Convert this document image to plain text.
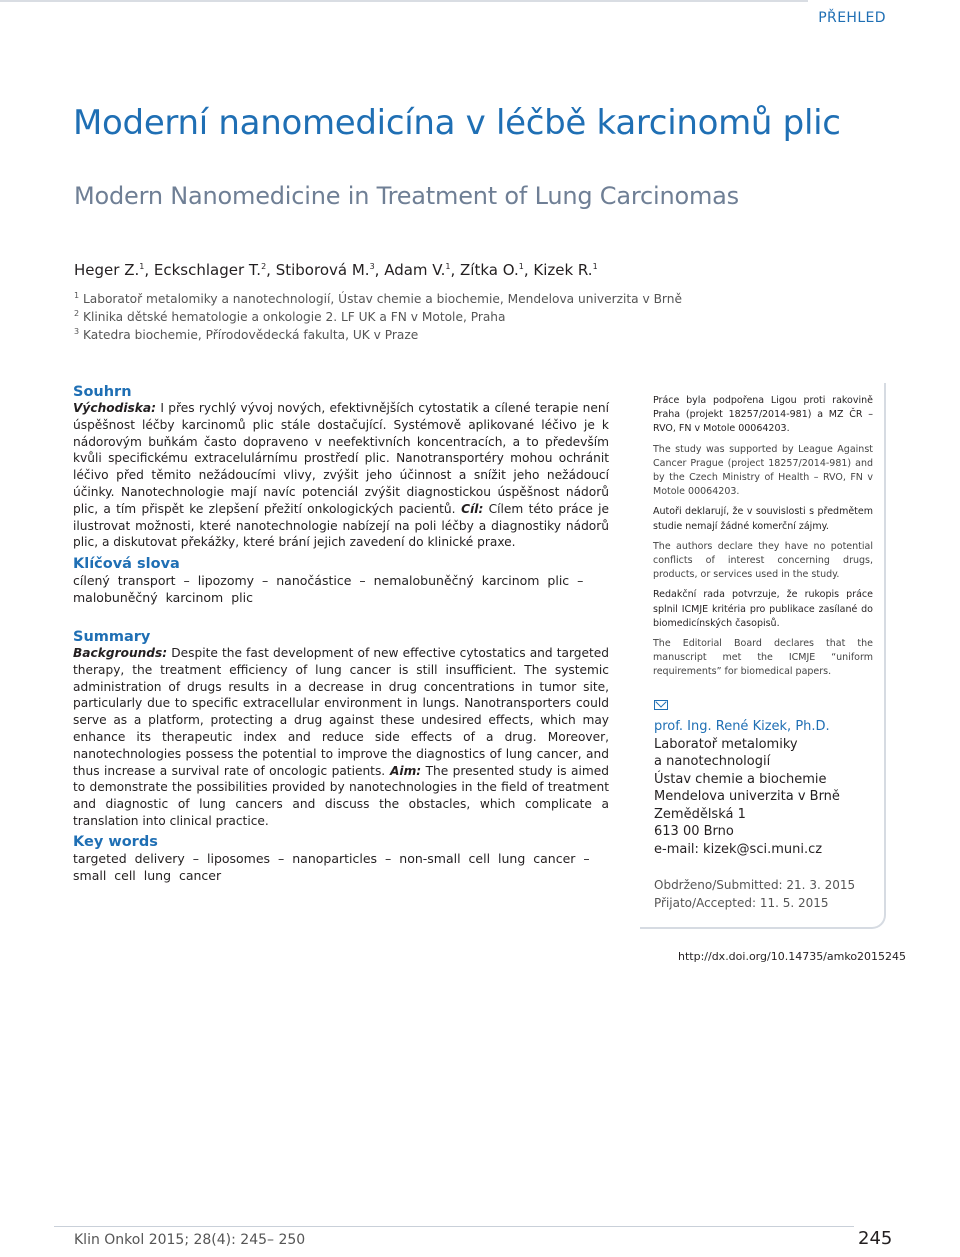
PŘEHLED
Moderní nanomedicína v léčbě karcinomů plic
Modern Nanomedicine in Treatment of Lung Carcinomas
Heger Z.$^1$, Eckschlager T.$^2$, Stiborová M.$^3$, Adam V.$^1$, Zítka O.$^1$, Kizek R.$^1$
$^1$ Laboratoř metalomiky a nanotechnologií, Ústav chemie a biochemie, Mendelova univerzita v Brně
$^2$ Klinika dětské hematologie a onkologie 2. LF UK a FN v Motole, Praha
$^3$ Katedra biochemie, Přírodovědecká fakulta, UK v Praze

Souhrn

Východiska: I přes rychlý vývoj nových, efektivnějších cytostatik a cílené terapie není úspěšnost léčby karcinomů plic stále dostačující. Systémově aplikované léčivo je k nádorovým buňkám často dopraveno v neefektivních koncentracích, a to především kvůli specifickému extracelulárnímu prostředí plic. Nanotransportéry mohou ochránit léčivo před těmito nežádoucími vlivy, zvýšit jeho účinnost a snížit jeho nežádoucí účinky. Nanotechnologie mají navíc potenciál zvýšit diagnostickou úspěšnost nádorů plic, a tím přispět ke zlepšení přežití onkologických pacientů. Cíl: Cílem této práce je ilustrovat možnosti, které nanotechnologie nabízejí na poli léčby a diagnostiky nádorů plic, a diskutovat překážky, které brání jejich zavedení do klinické praxe.

Klíčová slova

cílený transport – lipozomy – nanočástice – nemalobuněčný karcinom plic – malobuněčný karcinom plic

Summary

Backgrounds: Despite the fast development of new effective cytostatics and targeted therapy, the treatment efficiency of lung cancer is still insufficient. The systemic administration of drugs results in a decrease in drug concentrations in tumor site, particularly due to specific extracellular environment in lungs. Nanotransporters could serve as a platform, protecting a drug against these undesired effects, which may enhance its therapeutic index and reduce side effects of a drug. Moreover, nanotechnologies possess the potential to improve the diagnostics of lung cancer, and thus increase a survival rate of oncologic patients. Aim: The presented study is aimed to demonstrate the possibilities provided by nanotechnologies in the field of treatment and diagnostic of lung cancers and discuss the obstacles, which complicate a translation into clinical practice.

Key words

targeted delivery – liposomes – nanoparticles – non-small cell lung cancer – small cell lung cancer

Práce byla podpořena Ligou proti rakovině Praha (projekt 18257/2014-981) a MZ ČR – RVO, FN v Motole 00064203.

The study was supported by League Against Cancer Prague (project 18257/2014-981) and by the Czech Ministry of Health – RVO, FN v Motole 00064203.

Autoři deklarují, že v souvislosti s předmětem studie nemají žádné komerční zájmy.

The authors declare they have no potential conflicts of interest concerning drugs, products, or services used in the study.

Redakční rada potvrzuje, že rukopis práce splnil ICMJE kritéria pro publikace zasílané do biomedicínských časopisů.

The Editorial Board declares that the manuscript met the ICMJE “uniform requirements” for biomedical papers.

prof. Ing. René Kizek, Ph.D.
Laboratoř metalomiky
a nanotechnologií
Ústav chemie a biochemie
Mendelova univerzita v Brně
Zemědělská 1
613 00 Brno
e-mail: kizek@sci.muni.cz
Obdrženo/Submitted: 21. 3. 2015
Přijato/Accepted: 11. 5. 2015
http://dx.doi.org/10.14735/amko2015245
Klin Onkol 2015; 28(4): 245– 250	245
